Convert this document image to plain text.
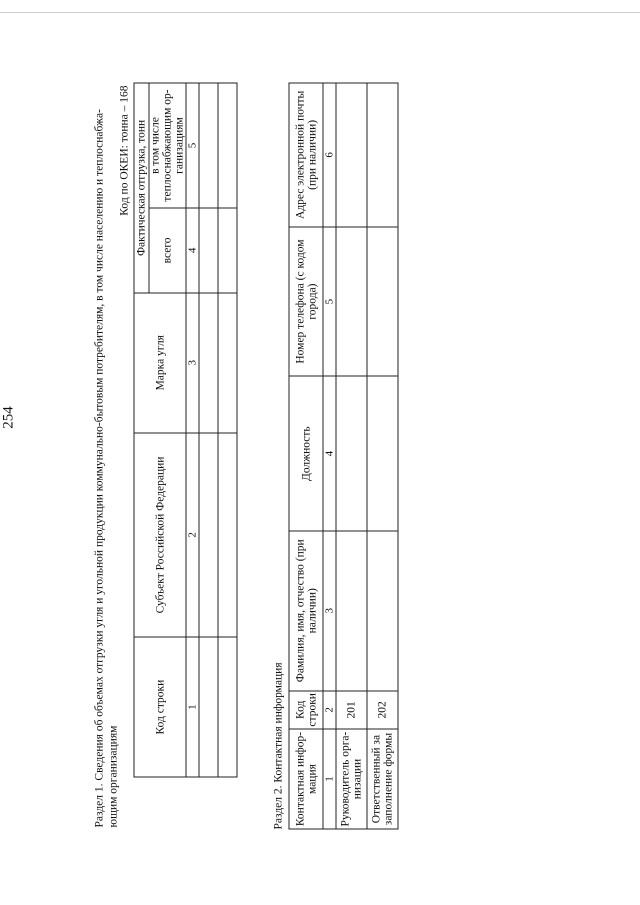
254	Раздел 1. Сведения об объемах отгрузки угля и угольной продукции коммунально-бытовым потребителям, в том числе населению и теплоснабжа- ющим организациям
Код по ОКЕИ: тонна – 168
Код строки	Субъект Российской Федерации	Марка угля	Фактическая отгрузка, тонн	
			всего	в том числе теплоснабжающим ор-ганизациям
1	2	3	4	5

Раздел 2. Контактная информация Контактная инфор-мация	Код строки	Фамилия, имя, отчество (при наличии)	Должность	Номер телефона (с кодом города)	Адрес электронной почты (при наличии)
1	2	3	4	5	6
Руководитель орга-низации	201				
Ответственный за заполнение формы	202				
